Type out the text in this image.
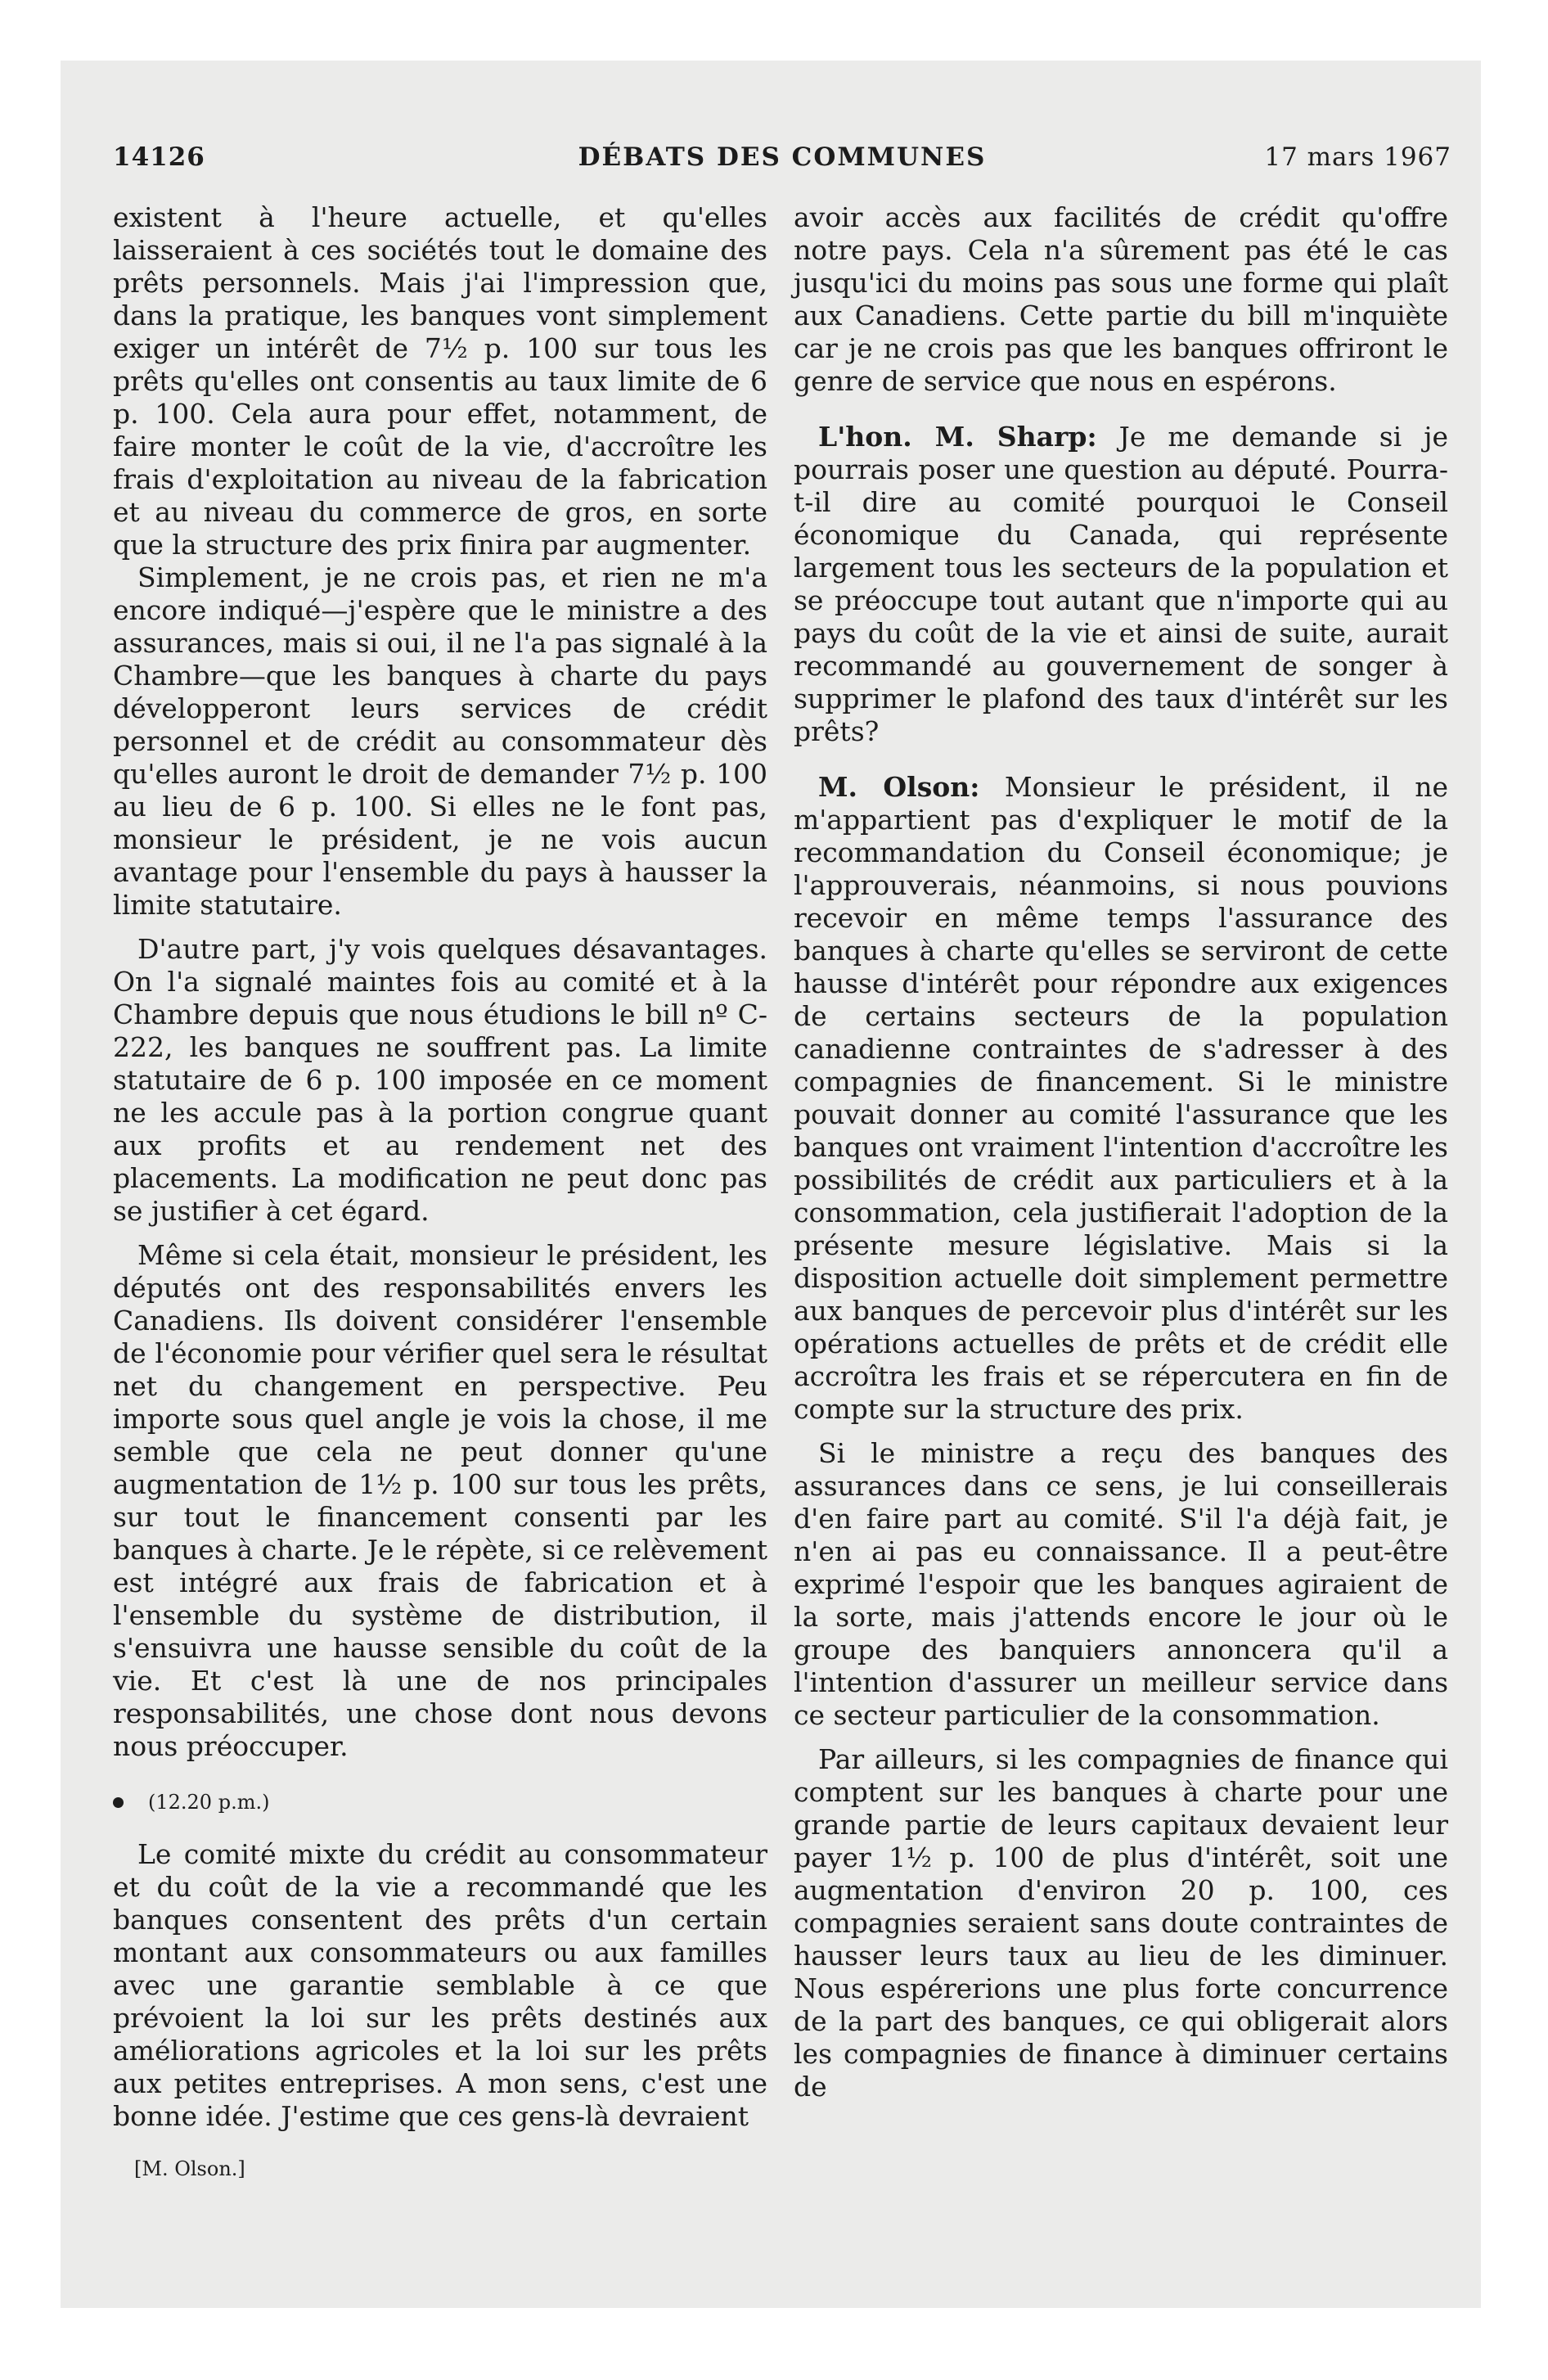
14126	DÉBATS DES COMMUNES	17 mars 1967

existent à l'heure actuelle, et qu'elles laisseraient à ces sociétés tout le domaine des prêts personnels. Mais j'ai l'impression que, dans la pratique, les banques vont simplement exiger un intérêt de 7½ p. 100 sur tous les prêts qu'elles ont consentis au taux limite de 6 p. 100. Cela aura pour effet, notamment, de faire monter le coût de la vie, d'accroître les frais d'exploitation au niveau de la fabrication et au niveau du commerce de gros, en sorte que la structure des prix finira par augmenter.

Simplement, je ne crois pas, et rien ne m'a encore indiqué—j'espère que le ministre a des assurances, mais si oui, il ne l'a pas signalé à la Chambre—que les banques à charte du pays développeront leurs services de crédit personnel et de crédit au consommateur dès qu'elles auront le droit de demander 7½ p. 100 au lieu de 6 p. 100. Si elles ne le font pas, monsieur le président, je ne vois aucun avantage pour l'ensemble du pays à hausser la limite statutaire.

D'autre part, j'y vois quelques désavantages. On l'a signalé maintes fois au comité et à la Chambre depuis que nous étudions le bill nº C-222, les banques ne souffrent pas. La limite statutaire de 6 p. 100 imposée en ce moment ne les accule pas à la portion congrue quant aux profits et au rendement net des placements. La modification ne peut donc pas se justifier à cet égard.

Même si cela était, monsieur le président, les députés ont des responsabilités envers les Canadiens. Ils doivent considérer l'ensemble de l'économie pour vérifier quel sera le résultat net du changement en perspective. Peu importe sous quel angle je vois la chose, il me semble que cela ne peut donner qu'une augmentation de 1½ p. 100 sur tous les prêts, sur tout le financement consenti par les banques à charte. Je le répète, si ce relèvement est intégré aux frais de fabrication et à l'ensemble du système de distribution, il s'ensuivra une hausse sensible du coût de la vie. Et c'est là une de nos principales responsabilités, une chose dont nous devons nous préoccuper.

(12.20 p.m.)

Le comité mixte du crédit au consommateur et du coût de la vie a recommandé que les banques consentent des prêts d'un certain montant aux consommateurs ou aux familles avec une garantie semblable à ce que prévoient la loi sur les prêts destinés aux améliorations agricoles et la loi sur les prêts aux petites entreprises. A mon sens, c'est une bonne idée. J'estime que ces gens-là devraient

[M. Olson.]

avoir accès aux facilités de crédit qu'offre notre pays. Cela n'a sûrement pas été le cas jusqu'ici du moins pas sous une forme qui plaît aux Canadiens. Cette partie du bill m'inquiète car je ne crois pas que les banques offriront le genre de service que nous en espérons.

L'hon. M. Sharp: Je me demande si je pourrais poser une question au député. Pourra-t-il dire au comité pourquoi le Conseil économique du Canada, qui représente largement tous les secteurs de la population et se préoccupe tout autant que n'importe qui au pays du coût de la vie et ainsi de suite, aurait recommandé au gouvernement de songer à supprimer le plafond des taux d'intérêt sur les prêts?

M. Olson: Monsieur le président, il ne m'appartient pas d'expliquer le motif de la recommandation du Conseil économique; je l'approuverais, néanmoins, si nous pouvions recevoir en même temps l'assurance des banques à charte qu'elles se serviront de cette hausse d'intérêt pour répondre aux exigences de certains secteurs de la population canadienne contraintes de s'adresser à des compagnies de financement. Si le ministre pouvait donner au comité l'assurance que les banques ont vraiment l'intention d'accroître les possibilités de crédit aux particuliers et à la consommation, cela justifierait l'adoption de la présente mesure législative. Mais si la disposition actuelle doit simplement permettre aux banques de percevoir plus d'intérêt sur les opérations actuelles de prêts et de crédit elle accroîtra les frais et se répercutera en fin de compte sur la structure des prix.

Si le ministre a reçu des banques des assurances dans ce sens, je lui conseillerais d'en faire part au comité. S'il l'a déjà fait, je n'en ai pas eu connaissance. Il a peut-être exprimé l'espoir que les banques agiraient de la sorte, mais j'attends encore le jour où le groupe des banquiers annoncera qu'il a l'intention d'assurer un meilleur service dans ce secteur particulier de la consommation.

Par ailleurs, si les compagnies de finance qui comptent sur les banques à charte pour une grande partie de leurs capitaux devaient leur payer 1½ p. 100 de plus d'intérêt, soit une augmentation d'environ 20 p. 100, ces compagnies seraient sans doute contraintes de hausser leurs taux au lieu de les diminuer. Nous espérerions une plus forte concurrence de la part des banques, ce qui obligerait alors les compagnies de finance à diminuer certains de
